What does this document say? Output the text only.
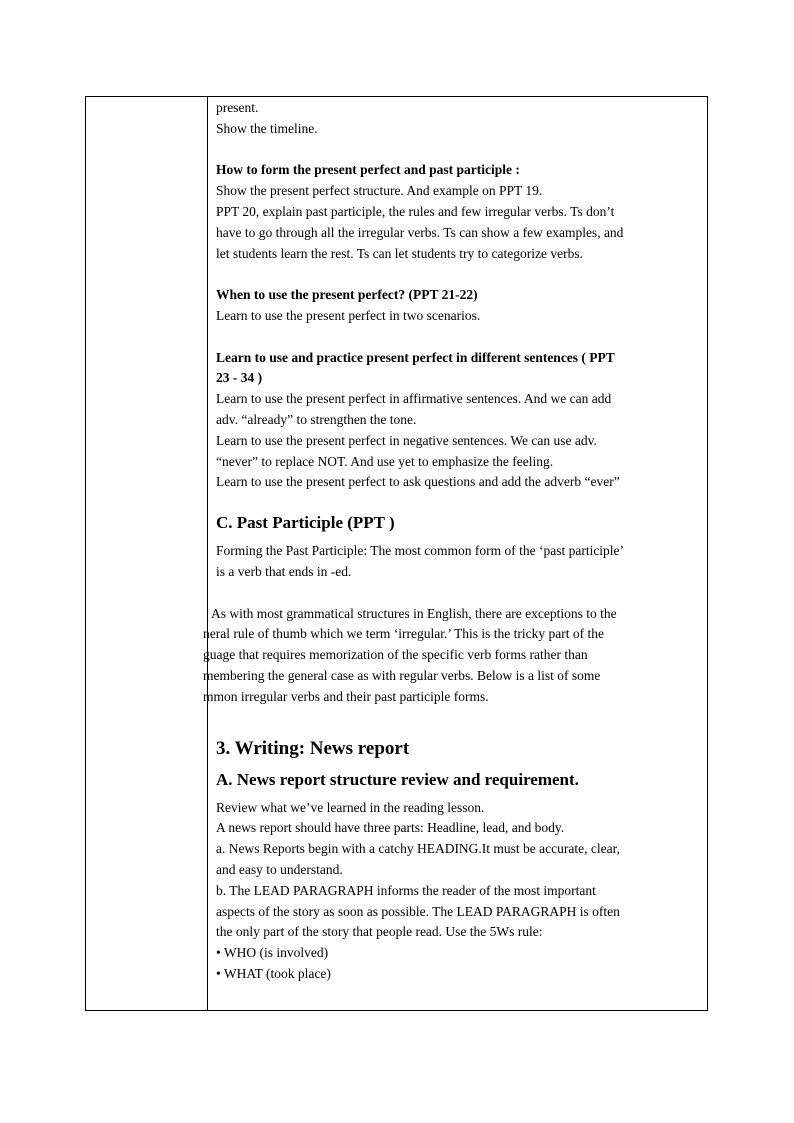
present.
Show the timeline.
How to form the present perfect and past participle :
Show the present perfect structure. And example on PPT 19.
PPT 20, explain past participle, the rules and few irregular verbs. Ts don’t
have to go through all the irregular verbs. Ts can show a few examples, and
let students learn the rest. Ts can let students try to categorize verbs.
When to use the present perfect? (PPT 21-22)
Learn to use the present perfect in two scenarios.
Learn to use and practice present perfect in different sentences ( PPT
23 - 34 )
Learn to use the present perfect in affirmative sentences. And we can add
adv. “already” to strengthen the tone.
Learn to use the present perfect in negative sentences. We can use adv.
“never” to replace NOT. And use yet to emphasize the feeling.
Learn to use the present perfect to ask questions and add the adverb “ever”
C. Past Participle (PPT )
Forming the Past Participle: The most common form of the ‘past participle’
is a verb that ends in -ed.
As with most grammatical structures in English, there are exceptions to the
neral rule of thumb which we term ‘irregular.’ This is the tricky part of the
guage that requires memorization of the specific verb forms rather than
membering the general case as with regular verbs. Below is a list of some
mmon irregular verbs and their past participle forms.
3. Writing: News report
A. News report structure review and requirement.
Review what we’ve learned in the reading lesson.
A news report should have three parts: Headline, lead, and body.
a. News Reports begin with a catchy HEADING.It must be accurate, clear,
and easy to understand.
b. The LEAD PARAGRAPH informs the reader of the most important
aspects of the story as soon as possible. The LEAD PARAGRAPH is often
the only part of the story that people read. Use the 5Ws rule:
• WHO (is involved)
• WHAT (took place)
